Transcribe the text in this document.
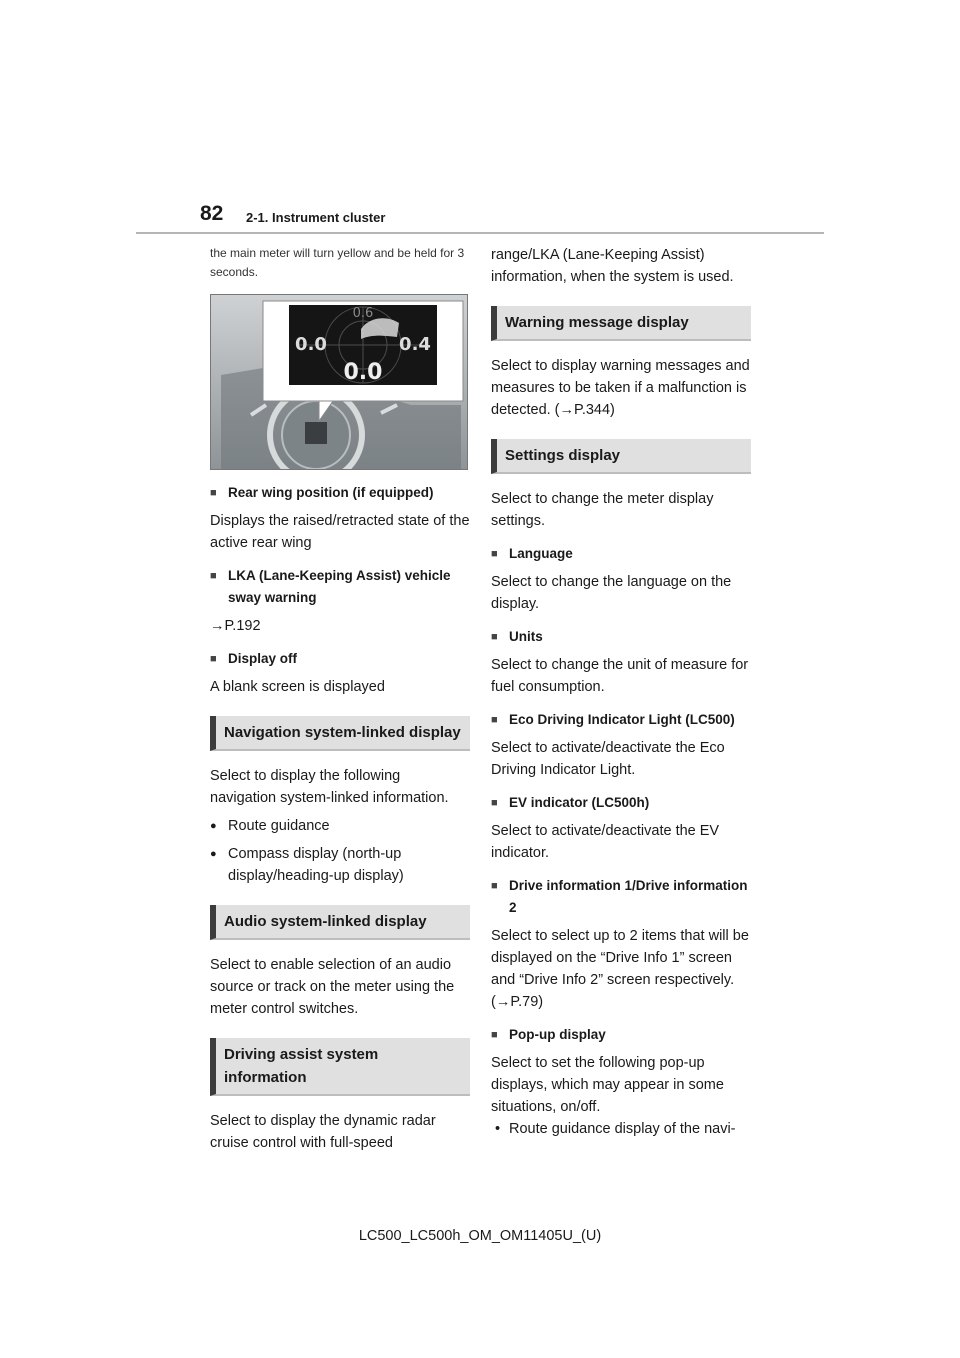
82 2-1. Instrument cluster

the main meter will turn yellow and be held for 3 seconds.

0.6
0.0	0.4
0.0
■ Rear wing position (if equipped)

Displays the raised/retracted state of the active rear wing

■ LKA (Lane-Keeping Assist) vehicle sway warning

→P.192

■ Display off

A blank screen is displayed

Navigation system-linked display

Select to display the following navigation system-linked information.

● Route guidance

● Compass display (north-up display/heading-up display)

Audio system-linked display

Select to enable selection of an audio source or track on the meter using the meter control switches.

Driving assist system information

Select to display the dynamic radar cruise control with full-speed

range/LKA (Lane-Keeping Assist) information, when the system is used.

Warning message display

Select to display warning messages and measures to be taken if a malfunction is detected. (→P.344)

Settings display

Select to change the meter display settings.

■ Language

Select to change the language on the display.

■ Units

Select to change the unit of measure for fuel consumption.

■ Eco Driving Indicator Light (LC500)

Select to activate/deactivate the Eco Driving Indicator Light.

■ EV indicator (LC500h)

Select to activate/deactivate the EV indicator.

■ Drive information 1/Drive information 2

Select to select up to 2 items that will be displayed on the “Drive Info 1” screen and “Drive Info 2” screen respectively. (→P.79)

■ Pop-up display

Select to set the following pop-up displays, which may appear in some situations, on/off.

• Route guidance display of the navi-

LC500_LC500h_OM_OM11405U_(U)
